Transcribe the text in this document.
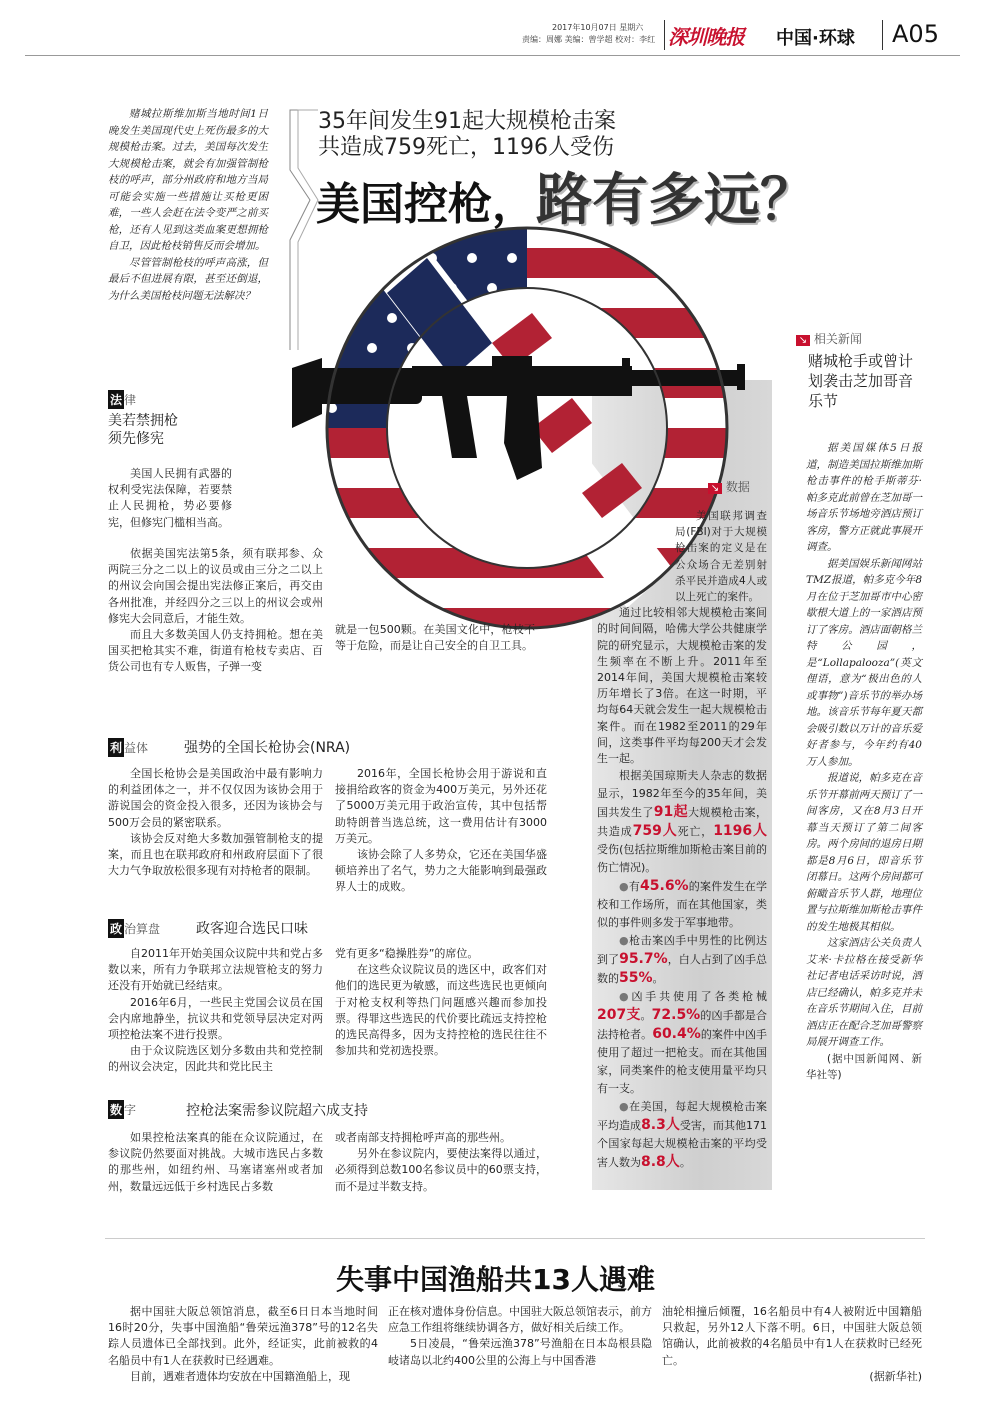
2017年10月07日 星期六
责编：周娜 美编：曾学超 校对：李红 深圳晚报 中国·环球 A05

赌城拉斯维加斯当地时间1日晚发生美国现代史上死伤最多的大规模枪击案。过去，美国每次发生大规模枪击案，就会有加强管制枪枝的呼声，部分州政府和地方当局可能会实施一些措施让买枪更困难，一些人会赶在法令变严之前买枪，还有人见到这类血案更想拥枪自卫，因此枪枝销售反而会增加。

尽管管制枪枝的呼声高涨，但最后不但进展有限，甚至还倒退，为什么美国枪枝问题无法解决？

35年间发生91起大规模枪击案
共造成759死亡，1196人受伤
美国控枪，路有多远？
法 律
美若禁拥枪
须先修宪

美国人民拥有武器的权利受宪法保障，若要禁止人民拥枪，势必要修宪，但修宪门槛相当高。

依据美国宪法第5条，须有联邦参、众两院三分之二以上的议员或由三分之二以上的州议会向国会提出宪法修正案后，再交由各州批准，并经四分之三以上的州议会或州修宪大会同意后，才能生效。

而且大多数美国人仍支持拥枪。想在美国买把枪其实不难，街道有枪枝专卖店、百货公司也有专人贩售，子弹一变

就是一包500颗。在美国文化中，枪枝不等于危险，而是让自己安全的自卫工具。

利 益体	强势的全国长枪协会(NRA)

全国长枪协会是美国政治中最有影响力的利益团体之一，并不仅仅因为该协会用于游说国会的资金投入很多，还因为该协会与500万会员的紧密联系。

该协会反对绝大多数加强管制枪支的提案，而且也在联邦政府和州政府层面下了很大力气争取放松很多现有对持枪者的限制。

2016年，全国长枪协会用于游说和直接捐给政客的资金为400万美元，另外还花了5000万美元用于政治宣传，其中包括帮助特朗普当选总统，这一费用估计有3000万美元。

该协会除了人多势众，它还在美国华盛顿培养出了名气，势力之大能影响到最强政界人士的成败。

政 治算盘	政客迎合选民口味

自2011年开始美国众议院中共和党占多数以来，所有力争联邦立法规管枪支的努力还没有开始就已经结束。

2016年6月，一些民主党国会议员在国会内席地静坐，抗议共和党领导层决定对两项控枪法案不进行投票。

由于众议院选区划分多数由共和党控制的州议会决定，因此共和党比民主

党有更多“稳操胜券”的席位。

在这些众议院议员的选区中，政客们对他们的选民更为敏感，而这些选民也更倾向于对枪支权利等热门问题感兴趣而参加投票。得罪这些选民的代价要比疏远支持控枪的选民高得多，因为支持控枪的选民往往不参加共和党初选投票。

数 字	控枪法案需参议院超六成支持

如果控枪法案真的能在众议院通过，在参议院仍然要面对挑战。大城市选民占多数的那些州，如纽约州、马塞诸塞州或者加州，数量远远低于乡村选民占多数

或者南部支持拥枪呼声高的那些州。

另外在参议院内，要使法案得以通过，必须得到总数100名参议员中的60票支持，而不是过半数支持。

↘ 数据

美国联邦调查局(FBI)对于大规模枪击案的定义是在公众场合无差别射杀平民并造成4人或以上死亡的案件。

通过比较相邻大规模枪击案间的时间间隔，哈佛大学公共健康学院的研究显示，大规模枪击案的发生频率在不断上升。2011年至2014年间，美国大规模枪击案较历年增长了3倍。在这一时期，平均每64天就会发生一起大规模枪击案件。而在1982至2011的29年间，这类事件平均每200天才会发生一起。

根据美国琼斯夫人杂志的数据显示，1982年至今的35年间，美国共发生了91起大规模枪击案，共造成759人死亡，1196人受伤(包括拉斯维加斯枪击案目前的伤亡情况)。

●有45.6%的案件发生在学校和工作场所，而在其他国家，类似的事件则多发于军事地带。

●枪击案凶手中男性的比例达到了95.7%，白人占到了凶手总数的55%。

●凶手共使用了各类枪械207支。72.5%的凶手都是合法持枪者。60.4%的案件中凶手使用了超过一把枪支。而在其他国家，同类案件的枪支使用量平均只有一支。

●在美国，每起大规模枪击案平均造成8.3人受害，而其他171个国家每起大规模枪击案的平均受害人数为8.8人。

↘ 相关新闻
赌城枪手或曾计
划袭击芝加哥音
乐节

据美国媒体5日报道，制造美国拉斯维加斯枪击事件的枪手斯蒂芬·帕多克此前曾在芝加哥一场音乐节场地旁酒店预订客房，警方正就此事展开调查。

据美国娱乐新闻网站TMZ报道，帕多克今年8月在位于芝加哥市中心密歇根大道上的一家酒店预订了客房。酒店面朝格兰特公园，是“Lollapalooza”(英文俚语，意为“极出色的人或事物”)音乐节的举办场地。该音乐节每年夏天都会吸引数以万计的音乐爱好者参与，今年约有40万人参加。

报道说，帕多克在音乐节开幕前两天预订了一间客房，又在8月3日开幕当天预订了第二间客房。两个房间的退房日期都是8月6日，即音乐节闭幕日。这两个房间都可俯瞰音乐节人群，地理位置与拉斯维加斯枪击事件的发生地极其相似。

这家酒店公关负责人艾米·卡拉格在接受新华社记者电话采访时说，酒店已经确认，帕多克并未在音乐节期间入住，目前酒店正在配合芝加哥警察局展开调查工作。

(据中国新闻网、新华社等)

失事中国渔船共13人遇难

据中国驻大阪总领馆消息，截至6日日本当地时间16时20分，失事中国渔船“鲁荣远渔378”号的12名失踪人员遗体已全部找到。此外，经证实，此前被救的4名船员中有1人在获救时已经遇难。

目前，遇难者遗体均安放在中国籍渔船上，现

正在核对遗体身份信息。中国驻大阪总领馆表示，前方应急工作组将继续协调各方，做好相关后续工作。

5日凌晨，“鲁荣远渔378”号渔船在日本岛根县隐岐诸岛以北约400公里的公海上与中国香港

油轮相撞后倾覆，16名船员中有4人被附近中国籍船只救起，另外12人下落不明。6日，中国驻大阪总领馆确认，此前被救的4名船员中有1人在获救时已经死亡。

(据新华社)
